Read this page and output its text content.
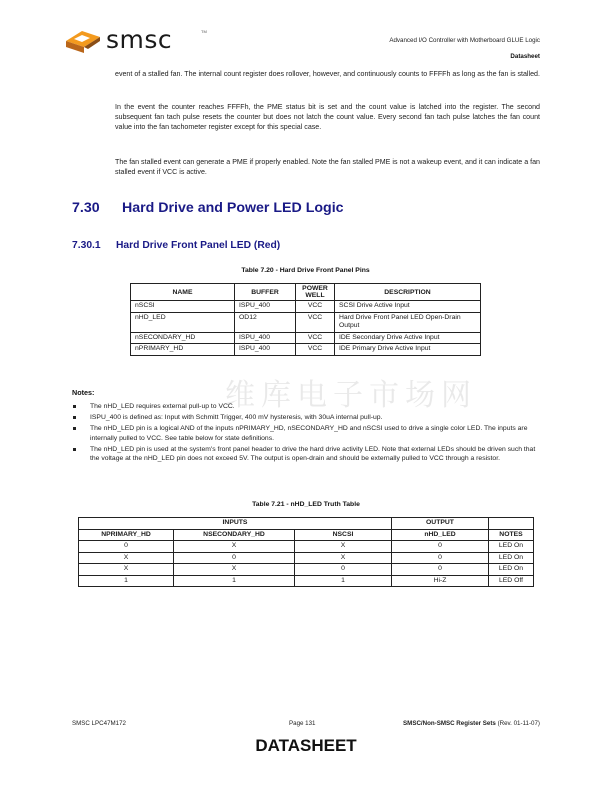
smsc	TM
Advanced I/O Controller with Motherboard GLUE Logic
Datasheet
event of a stalled fan. The internal count register does rollover, however, and continuously counts to FFFFh as long as the fan is stalled.
In the event the counter reaches FFFFh, the PME status bit is set and the count value is latched into the register. The second subsequent fan tach pulse resets the counter but does not latch the count value. Every second fan tach pulse latches the fan count value into the fan tachometer register except for this special case.
The fan stalled event can generate a PME if properly enabled. Note the fan stalled PME is not a wakeup event, and it can indicate a fan stalled event if VCC is active.
7.30 Hard Drive and Power LED Logic
7.30.1 Hard Drive Front Panel LED (Red)
Table 7.20 - Hard Drive Front Panel Pins
NAME	BUFFER	POWER WELL	DESCRIPTION
nSCSI	ISPU_400	VCC	SCSI Drive Active Input
nHD_LED	OD12	VCC	Hard Drive Front Panel LED Open-Drain Output
nSECONDARY_HD	ISPU_400	VCC	IDE Secondary Drive Active Input
nPRIMARY_HD	ISPU_400	VCC	IDE Primary Drive Active Input
维库电子市场网
Notes:
The nHD_LED requires external pull-up to VCC.
ISPU_400 is defined as: Input with Schmitt Trigger, 400 mV hysteresis, with 30uA internal pull-up.
The nHD_LED pin is a logical AND of the inputs nPRIMARY_HD, nSECONDARY_HD and nSCSI used to drive a single color LED. The inputs are internally pulled to VCC. See table below for state definitions.
The nHD_LED pin is used at the system's front panel header to drive the hard drive activity LED. Note that external LEDs should be driven such that the voltage at the nHD_LED pin does not exceed 5V. The output is open-drain and should be externally pulled to VCC through a resistor.
Table 7.21 - nHD_LED Truth Table
INPUTS			OUTPUT	
NPRIMARY_HD	NSECONDARY_HD	NSCSI	nHD_LED	NOTES
0	X	X	0	LED On
X	0	X	0	LED On
X	X	0	0	LED On
1	1	1	Hi-Z	LED Off
SMSC LPC47M172	Page 131	SMSC/Non-SMSC Register Sets (Rev. 01-11-07)
DATASHEET
